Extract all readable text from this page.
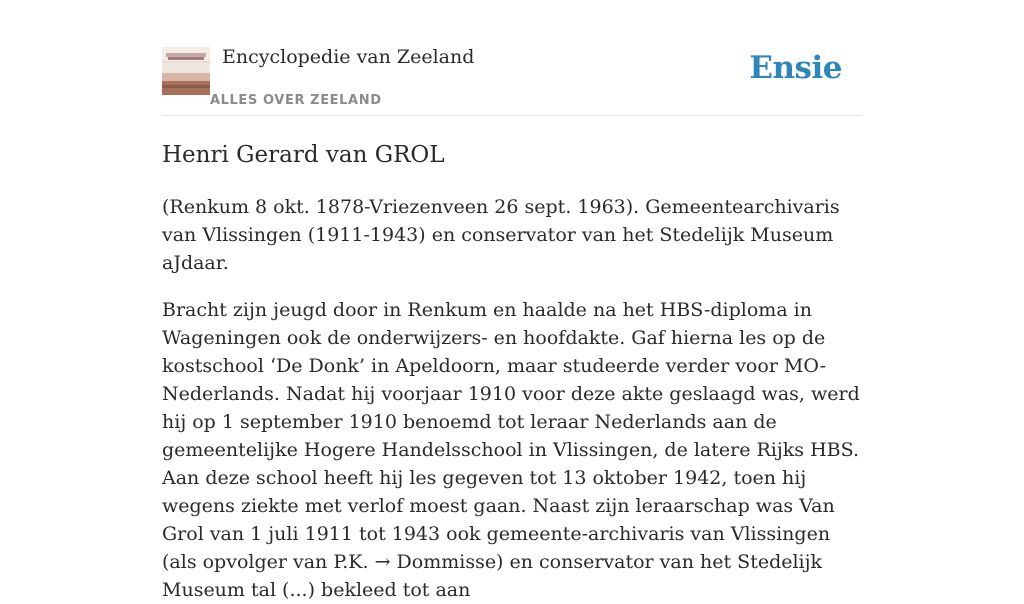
Encyclopedie van Zeeland
ALLES OVER ZEELAND
Ensie
Henri Gerard van GROL

(Renkum 8 okt. 1878-Vriezenveen 26 sept. 1963). Gemeentearchivaris van Vlissingen (1911-1943) en conservator van het Stedelijk Museum aJdaar.

Bracht zijn jeugd door in Renkum en haalde na het HBS-diploma in Wageningen ook de onderwijzers- en hoofdakte. Gaf hierna les op de kostschool ‘De Donk’ in Apeldoorn, maar studeerde verder voor MO-Nederlands. Nadat hij voorjaar 1910 voor deze akte geslaagd was, werd hij op 1 september 1910 benoemd tot leraar Nederlands aan de gemeentelijke Hogere Handelsschool in Vlissingen, de latere Rijks HBS. Aan deze school heeft hij les gegeven tot 13 oktober 1942, toen hij wegens ziekte met verlof moest gaan. Naast zijn leraarschap was Van Grol van 1 juli 1911 tot 1943 ook gemeente-archivaris van Vlissingen (als opvolger van P.K. → Dommisse) en conservator van het Stedelijk Museum tal (...) bekleed tot aan
